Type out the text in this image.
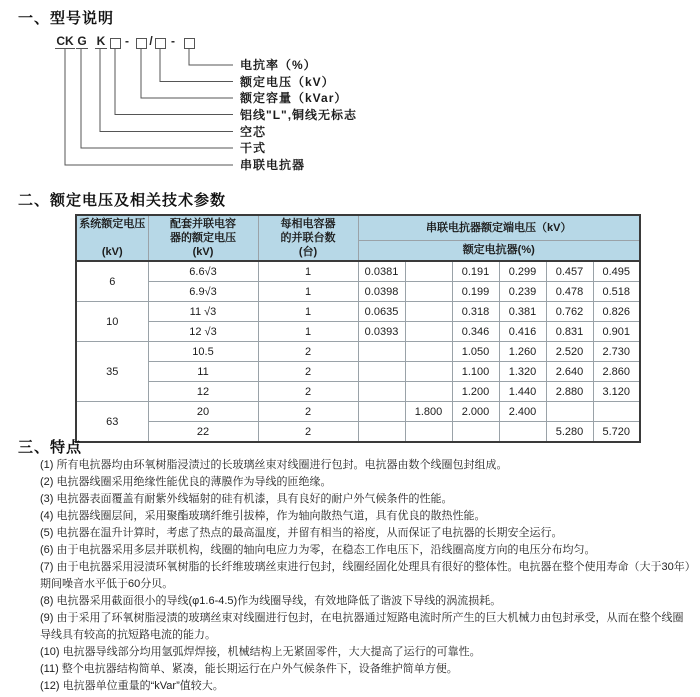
一、型号说明
CK G K - / -
电抗率（%）
额定电压（kV）
额定容量（kVar）
铝线"L",铜线无标志
空芯
干式
串联电抗器
二、额定电压及相关技术参数
系统额定电压
(kV)	配套并联电容
器的额定电压
(kV)	每相电容器
的并联台数
(台)	串联电抗器额定端电压（kV）					
			额定电抗器(%)					
6	6.6√3	1	0.0381		0.191	0.299	0.457	0.495
	6.9√3	1	0.0398		0.199	0.239	0.478	0.518
10	11 √3	1	0.0635		0.318	0.381	0.762	0.826
	12 √3	1	0.0393		0.346	0.416	0.831	0.901
35	10.5	2			1.050	1.260	2.520	2.730
	11	2			1.100	1.320	2.640	2.860
	12	2			1.200	1.440	2.880	3.120
63	20	2		1.800	2.000	2.400		
	22	2					5.280	5.720
三、特点
(1) 所有电抗器均由环氧树脂浸渍过的长玻璃丝束对线圈进行包封。电抗器由数个线圈包封组成。
(2) 电抗器线圈采用绝缘性能优良的薄膜作为导线的匝绝缘。
(3) 电抗器表面覆盖有耐紫外线辐射的硅有机漆，具有良好的耐户外气候条件的性能。
(4) 电抗器线圈层间，采用聚酯玻璃纤维引拔棒，作为轴向散热气道，具有优良的散热性能。
(5) 电抗器在温升计算时，考虑了热点的最高温度，并留有相当的裕度，从而保证了电抗器的长期安全运行。
(6) 由于电抗器采用多层并联机构，线圈的轴向电应力为零，在稳态工作电压下，沿线圈高度方向的电压分布均匀。
(7) 由于电抗器采用浸渍环氧树脂的长纤维玻璃丝束进行包封，线圈经固化处理具有很好的整体性。电抗器在整个使用寿命（大于30年）期间噪音水平低于60分贝。
(8) 电抗器采用截面很小的导线(φ1.6-4.5)作为线圈导线，有效地降低了谐波下导线的涡流损耗。
(9) 由于采用了环氧树脂浸渍的玻璃丝束对线圈进行包封，在电抗器通过短路电流时所产生的巨大机械力由包封承受，从而在整个线圈导线具有较高的抗短路电流的能力。
(10) 电抗器导线部分均用氩弧焊焊接，机械结构上无紧固零件，大大提高了运行的可靠性。
(11) 整个电抗器结构简单、紧凑，能长期运行在户外气候条件下，设备维护简单方便。
(12) 电抗器单位重量的“kVar”值较大。
